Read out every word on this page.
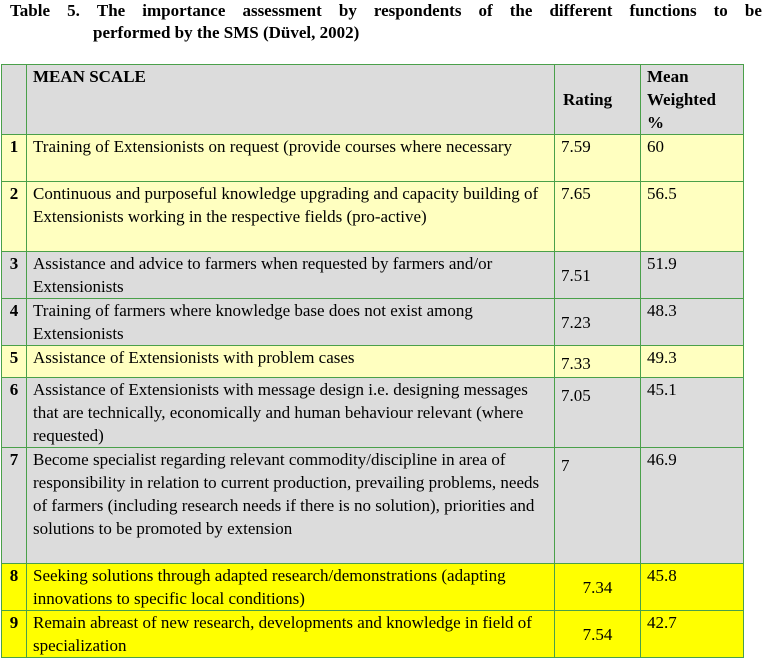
Table 5. The importance assessment by respondents of the different functions to be
performed by the SMS (Düvel, 2002)
	MEAN SCALE	Rating	Mean Weighted %
1	Training of Extensionists on request (provide courses where necessary	7.59	60
2	Continuous and purposeful knowledge upgrading and capacity building of Extensionists working in the respective fields (pro-active)	7.65	56.5
3	Assistance and advice to farmers when requested by farmers and/or Extensionists	7.51	51.9
4	Training of farmers where knowledge base does not exist among Extensionists	7.23	48.3
5	Assistance of Extensionists with problem cases	7.33	49.3
6	Assistance of Extensionists with message design i.e. designing messages that are technically, economically and human behaviour relevant (where requested)	7.05	45.1
7	Become specialist regarding relevant commodity/discipline in area of responsibility in relation to current production, prevailing problems, needs of farmers (including research needs if there is no solution), priorities and solutions to be promoted by extension	7	46.9
8	Seeking solutions through adapted research/demonstrations (adapting innovations to specific local conditions)	7.34	45.8
9	Remain abreast of new research, developments and knowledge in field of specialization	7.54	42.7
